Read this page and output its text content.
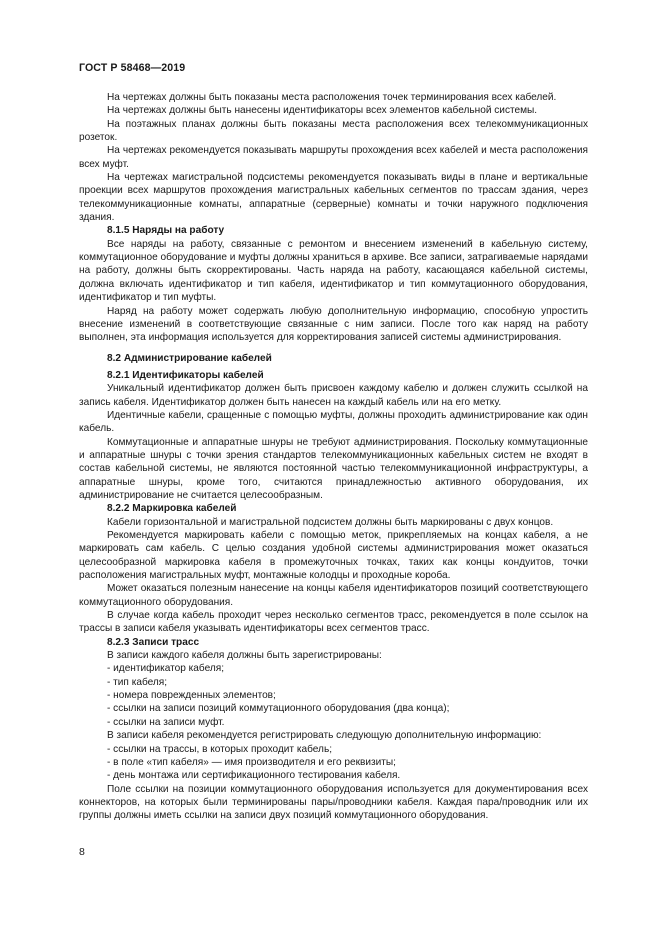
ГОСТ Р 58468—2019

На чертежах должны быть показаны места расположения точек терминирования всех кабелей.

На чертежах должны быть нанесены идентификаторы всех элементов кабельной системы.

На поэтажных планах должны быть показаны места расположения всех телекоммуникационных розеток.

На чертежах рекомендуется показывать маршруты прохождения всех кабелей и места расположения всех муфт.

На чертежах магистральной подсистемы рекомендуется показывать виды в плане и вертикальные проекции всех маршрутов прохождения магистральных кабельных сегментов по трассам здания, через телекоммуникационные комнаты, аппаратные (серверные) комнаты и точки наружного подключения здания.

8.1.5 Наряды на работу

Все наряды на работу, связанные с ремонтом и внесением изменений в кабельную систему, коммутационное оборудование и муфты должны храниться в архиве. Все записи, затрагиваемые нарядами на работу, должны быть скорректированы. Часть наряда на работу, касающаяся кабельной системы, должна включать идентификатор и тип кабеля, идентификатор и тип коммутационного оборудования, идентификатор и тип муфты.

Наряд на работу может содержать любую дополнительную информацию, способную упростить внесение изменений в соответствующие связанные с ним записи. После того как наряд на работу выполнен, эта информация используется для корректирования записей системы администрирования.

8.2 Администрирование кабелей
8.2.1 Идентификаторы кабелей

Уникальный идентификатор должен быть присвоен каждому кабелю и должен служить ссылкой на запись кабеля. Идентификатор должен быть нанесен на каждый кабель или на его метку.

Идентичные кабели, сращенные с помощью муфты, должны проходить администрирование как один кабель.

Коммутационные и аппаратные шнуры не требуют администрирования. Поскольку коммутационные и аппаратные шнуры с точки зрения стандартов телекоммуникационных кабельных систем не входят в состав кабельной системы, не являются постоянной частью телекоммуникационной инфраструктуры, а аппаратные шнуры, кроме того, считаются принадлежностью активного оборудования, их администрирование не считается целесообразным.

8.2.2 Маркировка кабелей

Кабели горизонтальной и магистральной подсистем должны быть маркированы с двух концов.

Рекомендуется маркировать кабели с помощью меток, прикрепляемых на концах кабеля, а не маркировать сам кабель. С целью создания удобной системы администрирования может оказаться целесообразной маркировка кабеля в промежуточных точках, таких как концы кондуитов, точки расположения магистральных муфт, монтажные колодцы и проходные короба.

Может оказаться полезным нанесение на концы кабеля идентификаторов позиций соответствующего коммутационного оборудования.

В случае когда кабель проходит через несколько сегментов трасс, рекомендуется в поле ссылок на трассы в записи кабеля указывать идентификаторы всех сегментов трасс.

8.2.3 Записи трасс

В записи каждого кабеля должны быть зарегистрированы:

- идентификатор кабеля;

- тип кабеля;

- номера поврежденных элементов;

- ссылки на записи позиций коммутационного оборудования (два конца);

- ссылки на записи муфт.

В записи кабеля рекомендуется регистрировать следующую дополнительную информацию:

- ссылки на трассы, в которых проходит кабель;

- в поле «тип кабеля» — имя производителя и его реквизиты;

- день монтажа или сертификационного тестирования кабеля.

Поле ссылки на позиции коммутационного оборудования используется для документирования всех коннекторов, на которых были терминированы пары/проводники кабеля. Каждая пара/проводник или их группы должны иметь ссылки на записи двух позиций коммутационного оборудования.

8
